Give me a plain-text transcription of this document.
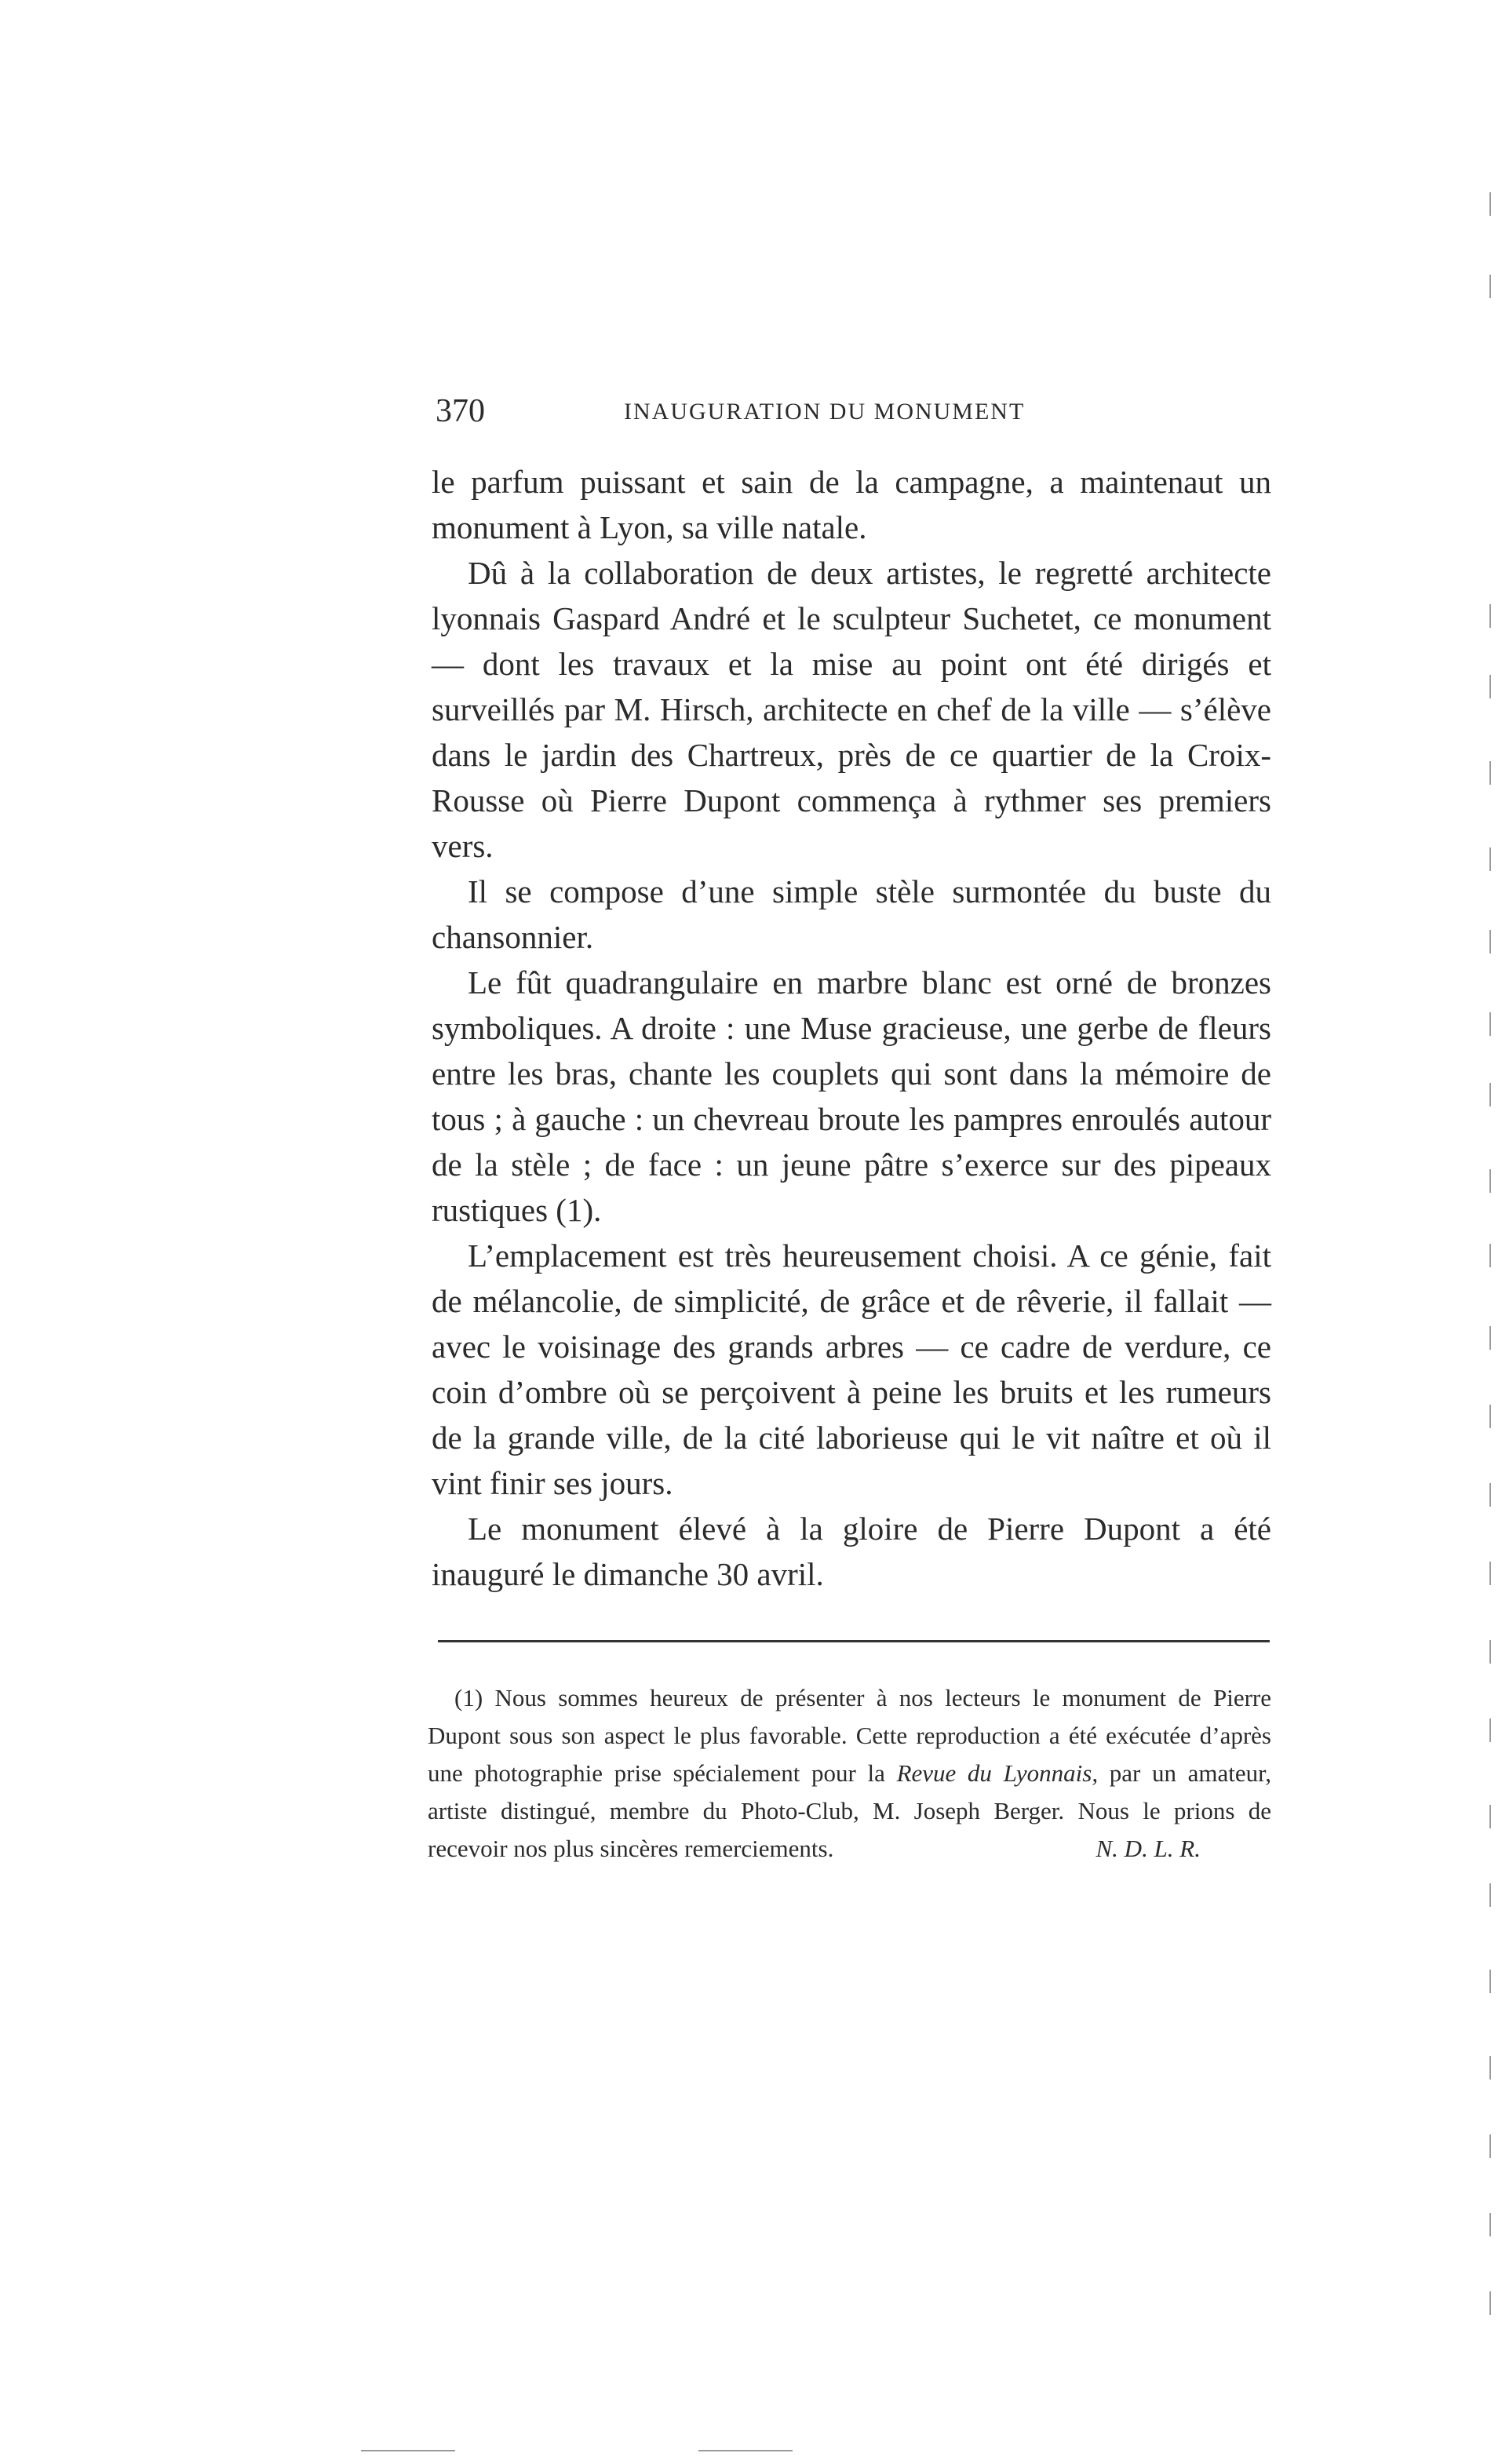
370	INAUGURATION DU MONUMENT

le parfum puissant et sain de la campagne, a maintenaut un monument à Lyon, sa ville natale.

Dû à la collaboration de deux artistes, le regretté architecte lyonnais Gaspard André et le sculpteur Suchetet, ce monument — dont les travaux et la mise au point ont été dirigés et surveillés par M. Hirsch, architecte en chef de la ville — s’élève dans le jardin des Chartreux, près de ce quartier de la Croix-Rousse où Pierre Dupont commença à rythmer ses premiers vers.

Il se compose d’une simple stèle surmontée du buste du chansonnier.

Le fût quadrangulaire en marbre blanc est orné de bronzes symboliques. A droite : une Muse gracieuse, une gerbe de fleurs entre les bras, chante les couplets qui sont dans la mémoire de tous ; à gauche : un chevreau broute les pampres enroulés autour de la stèle ; de face : un jeune pâtre s’exerce sur des pipeaux rustiques (1).

L’emplacement est très heureusement choisi. A ce génie, fait de mélancolie, de simplicité, de grâce et de rêverie, il fallait — avec le voisinage des grands arbres — ce cadre de verdure, ce coin d’ombre où se perçoivent à peine les bruits et les rumeurs de la grande ville, de la cité laborieuse qui le vit naître et où il vint finir ses jours.

Le monument élevé à la gloire de Pierre Dupont a été inauguré le dimanche 30 avril.

(1) Nous sommes heureux de présenter à nos lecteurs le monument de Pierre Dupont sous son aspect le plus favorable. Cette reproduction a été exécutée d’après une photographie prise spécialement pour la Revue du Lyonnais, par un amateur, artiste distingué, membre du Photo-Club, M. Joseph Berger. Nous le prions de recevoir nos plus sincères remerciements.	N. D. L. R.
